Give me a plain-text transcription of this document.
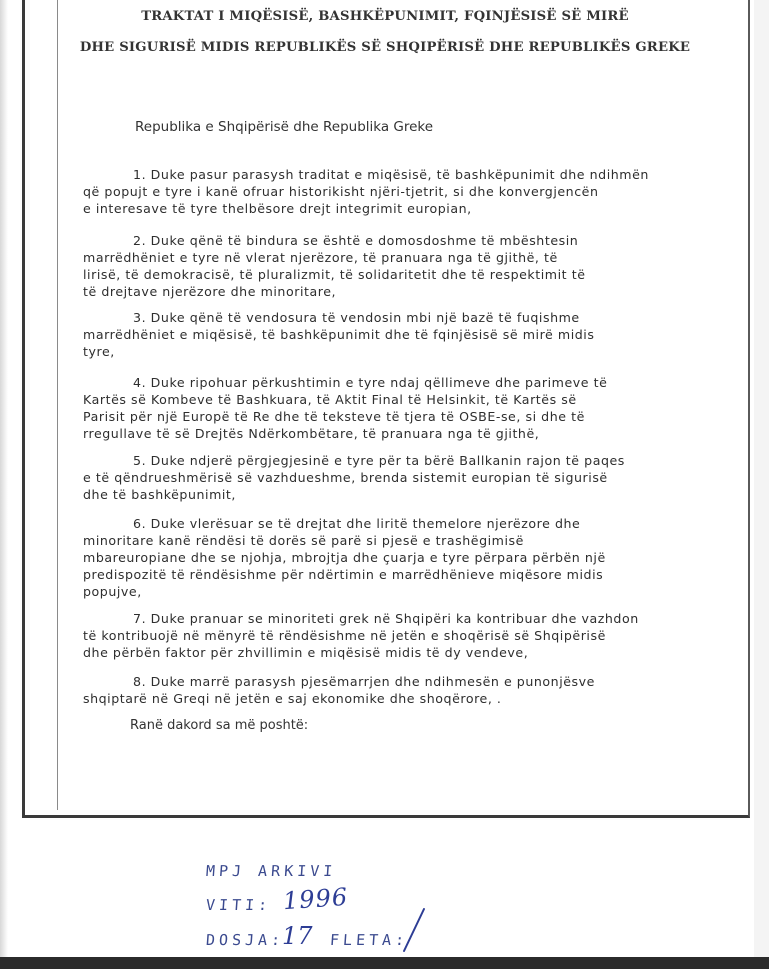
TRAKTAT I MIQËSISË, BASHKËPUNIMIT, FQINJËSISË SË MIRË
DHE SIGURISË MIDIS REPUBLIKËS SË SHQIPËRISË DHE REPUBLIKËS GREKE
Republika e Shqipërisë dhe Republika Greke
1. Duke pasur parasysh traditat e miqësisë, të bashkëpunimit dhe ndihmën
që popujt e tyre i kanë ofruar historikisht njëri-tjetrit, si dhe konvergjencën
e interesave të tyre thelbësore drejt integrimit europian,
2. Duke qënë të bindura se është e domosdoshme të mbështesin
marrëdhëniet e tyre në vlerat njerëzore, të pranuara nga të gjithë, të
lirisë, të demokracisë, të pluralizmit, të solidaritetit dhe të respektimit të
të drejtave njerëzore dhe minoritare,
3. Duke qënë të vendosura të vendosin mbi një bazë të fuqishme
marrëdhëniet e miqësisë, të bashkëpunimit dhe të fqinjësisë së mirë midis
tyre,
4. Duke ripohuar përkushtimin e tyre ndaj qëllimeve dhe parimeve të
Kartës së Kombeve të Bashkuara, të Aktit Final të Helsinkit, të Kartës së
Parisit për një Europë të Re dhe të teksteve të tjera të OSBE-se, si dhe të
rregullave të së Drejtës Ndërkombëtare, të pranuara nga të gjithë,
5. Duke ndjerë përgjegjesinë e tyre për ta bërë Ballkanin rajon të paqes
e të qëndrueshmërisë së vazhdueshme, brenda sistemit europian të sigurisë
dhe të bashkëpunimit,
6. Duke vlerësuar se të drejtat dhe liritë themelore njerëzore dhe
minoritare kanë rëndësi të dorës së parë si pjesë e trashëgimisë
mbareuropiane dhe se njohja, mbrojtja dhe çuarja e tyre përpara përbën një
predispozitë të rëndësishme për ndërtimin e marrëdhënieve miqësore midis
popujve,
7. Duke pranuar se minoriteti grek në Shqipëri ka kontribuar dhe vazhdon
të kontribuojë në mënyrë të rëndësishme në jetën e shoqërisë së Shqipërisë
dhe përbën faktor për zhvillimin e miqësisë midis të dy vendeve,
8. Duke marrë parasysh pjesëmarrjen dhe ndihmesën e punonjësve
shqiptarë në Greqi në jetën e saj ekonomike dhe shoqërore, .
Ranë dakord sa më poshtë:
MPJ ARKIVI
VITI: 1996
DOSJA:
17 FLETA:
